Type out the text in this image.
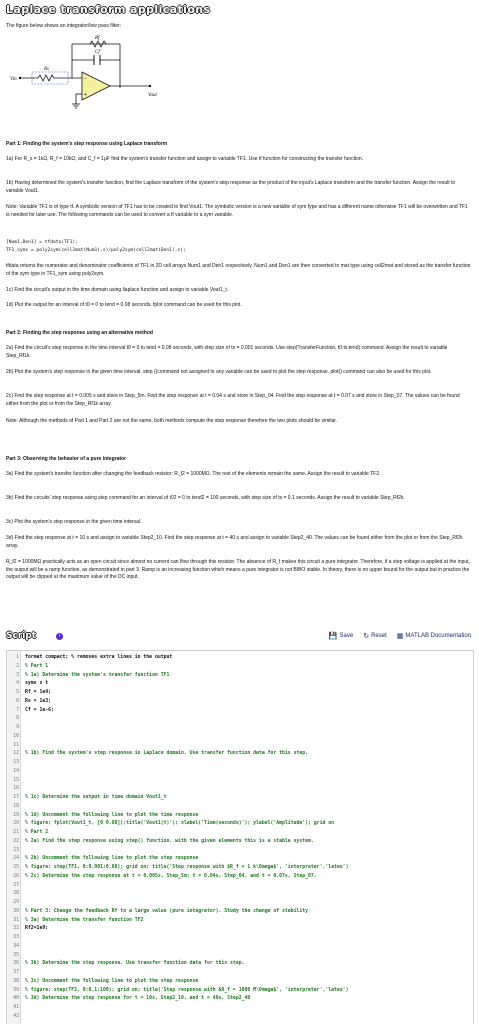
Laplace transform applications
The figure below shows an integrator/low pass filter:
Rf
Cf
Rs
Vin	−
+	Vout
Part 1: Finding the system's step response using Laplace transform
1a) For R_s = 1kΩ, R_f = 10kΩ, and C_f = 1μF find the system's transfer function and assign to variable TF1. Use tf function for constructing the transfer function.
1b) Having determined the system's transfer function, find the Laplace transform of the system's step response as the product of the input's Laplace transform and the transfer function. Assign the result to variable Vout1.
Note: Variable TF1 is of type tf. A symbolic version of TF1 has to be created to find Vout1. The symbolic version is a new variable of sym type and has a different name otherwise TF1 will be overwritten and TF1 is needed for later use. The following commands can be used to convert a tf variable to a sym variable.
[Num1,Den1] = tfdata(TF1);
TF1_syms = poly2sym(cell2mat(Num1),s)/poly2sym(cell2mat(Den1),s);
tfdata returns the numerator and denominator coefficients of TF1 in 2D cell arrays Num1 and Den1 respectively. Num1 and Den1 are then converted to mat type using cell2mat and stored as the transfer function of the sym type in TF1_sym using poly2sym.
1c) Find the circuit's output in the time domain using ilaplace function and assign to variable Vout1_t.
1d) Plot the output for an interval of t0 = 0 to tend = 0.08 seconds. fplot command can be used for this plot.
Part 2: Finding the step response using an alternative method
2a) Find the circuit's step response in the time interval t0 = 0 to tend = 0.08 seconds, with step size of ts = 0.001 seconds. Use step(TransferFunction, t0:ts:tend) command. Assign the result to variable Step_Rf1k.
2b) Plot the system's step response in the given time interval. step ()command not assigned to any variable can be used to plot the step response. plot() command can also be used for this plot.
2c) Find the step response at t = 0.005 s and store in Step_5m. Find the step response at t = 0.04 s and store in Step_04. Find the step response at t = 0.07 s and store in Step_07. The values can be found either from the plot or from the Step_Rf1k array.
Note: Although the methods of Part 1 and Part 2 are not the same, both methods compute the step response therefore the two plots should be similar.
Part 3: Observing the behavior of a pure integrator
3a) Find the system's transfer function after changing the feedback resistor: R_f2 = 1000MΩ. The rest of the elements remain the same. Assign the result to variable TF2.
3b) Find the circuits' step response using step command for an interval of t02 = 0 to tend2 = 100 seconds, with step size of ts = 0.1 seconds. Assign the result to variable Step_Rf2k.
3c) Plot the system's step response in the given time interval.
3d) Find the step response at t = 10 s and assign to variable Step2_10. Find the step response at t = 40 s and assign to variable Step2_40. The values can be found either from the plot or from the Step_Rf2k array.
R_f2 = 1000MΩ practically acts as an open circuit since almost no current can flow through this resistor. The absence of R_f makes this circuit a pure integrator. Therefore, if a step voltage is applied at the input, the output will be a ramp function, as demonstrated in part 3. Ramp is an increasing function which means a pure integrator is not BIBO stable. In theory, there is no upper bound for the output but in practice the output will be clipped at the maximum value of the DC input.
Script	i	💾 Save ↻ Reset ▦ MATLAB Documentation
1 format compact; % removes extra lines in the output
2 % Part 1
3 % 1a) Determine the system's transfer function TF1
4 syms s t
5 Rf = 1e4;
6 Rs = 1e3;
7 Cf = 1e-6;
8
9
10
11
12 % 1b) Find the system's step response in Laplace domain. Use transfer function data for this step.
13
14
15
16
17 % 1c) Determine the output in time domain Vout1_t
18
19 % 1d) Uncomment the following line to plot the time response
20 % figure; fplot(Vout1_t, [0 0.08]);title('Vout1(t)'); xlabel('Time(seconds)'); ylabel('Amplitude'); grid on
21 % Part 2
22 % 2a) Find the step response using step() function. with the given elements this is a stable system.
23
24 % 2b) Uncomment the following line to plot the step response
25 % figure; step(TF1, 0:0.001:0.08); grid on; title('Step response with $R_f = 1 k\Omega$', 'interpreter','latex')
26 % 2c) Determine the step response at t = 0.005s, Step_5m; t = 0.04s, Step_04, and t = 0.07s, Step_07.
27
28
29
30 % Part 3: Change the feedback Rf to a large value (pure integrator). Study the change of stability
31 % 3a) Determine the transfer function TF2
32 Rf2=1e9;
33
34
35
36 % 3b) Determine the step response. Use transfer function data for this step.
37
38 % 3c) Uncomment the following line to plot the step response
39 % figure; step(TF2, 0:0.1:100); grid on; title('Step response with $R_f = 1000 M\Omega$', 'interpreter','latex')
40 % 3d) Determine the step response for t = 10s, Step2_10, and t = 40s, Step2_40
41
42
